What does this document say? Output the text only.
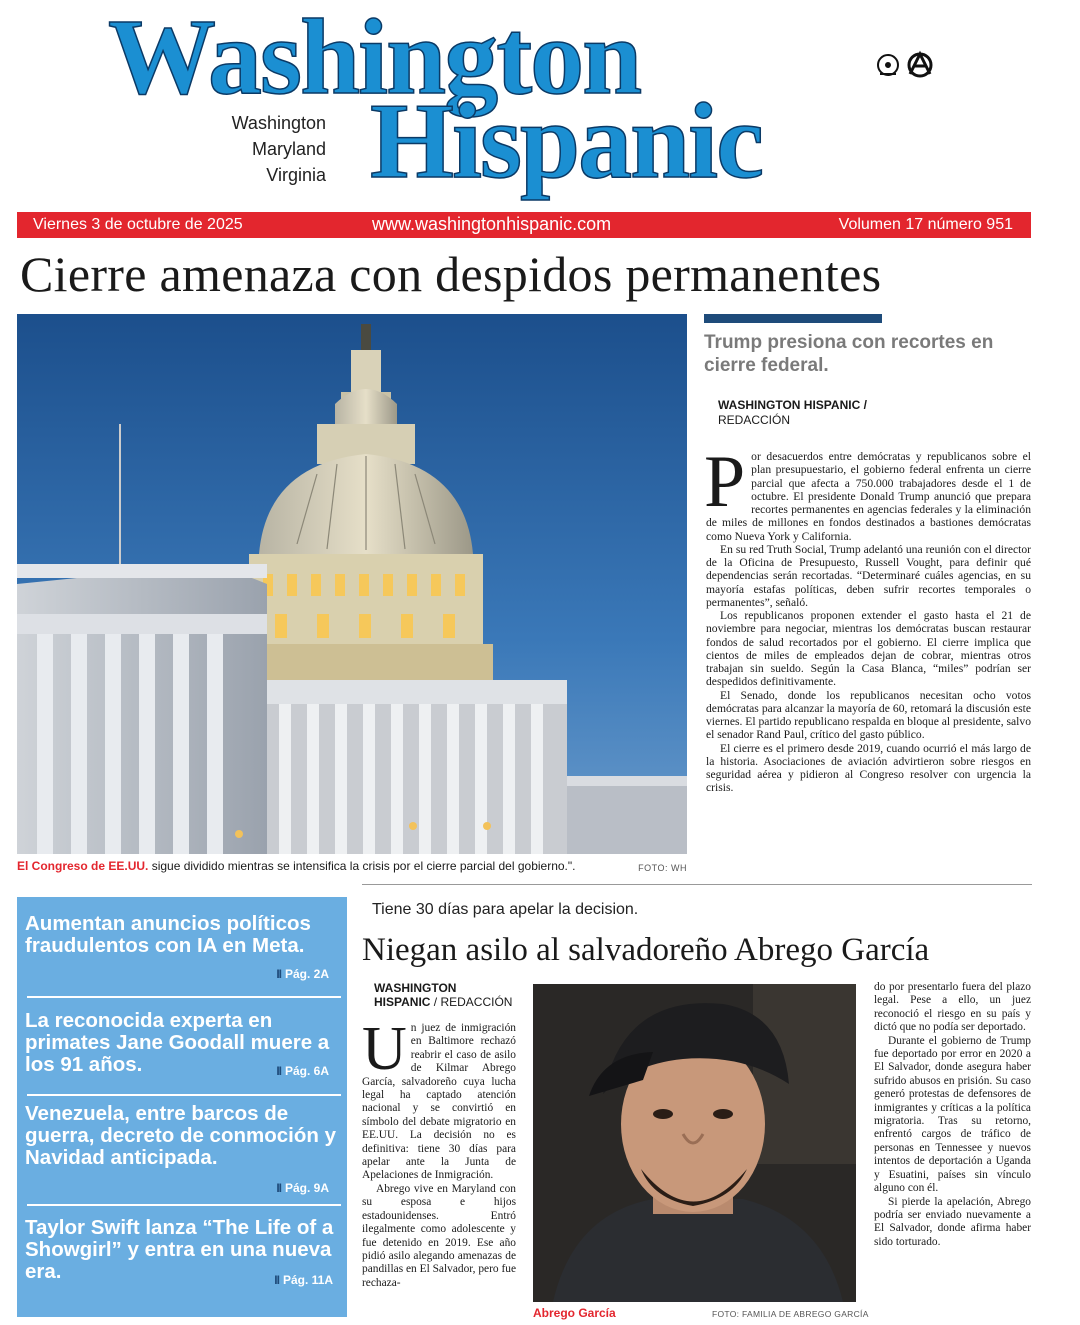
Washington
Hispanic
Washington
Maryland
Virginia
Viernes 3 de octubre de 2025	www.washingtonhispanic.com	Volumen 17 número 951
Cierre amenaza con despidos permanentes
El Congreso de EE.UU. sigue dividido mientras se intensifica la crisis por el cierre parcial del gobierno.".	FOTO: WH
Trump presiona con recortes en cierre federal.
WASHINGTON HISPANIC /
REDACCIÓN

Por desacuerdos entre demócratas y republicanos sobre el plan presupuestario, el gobierno federal enfrenta un cierre parcial que afecta a 750.000 trabajadores desde el 1 de octubre. El presidente Donald Trump anunció que prepara recortes permanentes en agencias federales y la eliminación de miles de millones en fondos destinados a bastiones demócratas como Nueva York y California.

En su red Truth Social, Trump adelantó una reunión con el director de la Oficina de Presupuesto, Russell Vought, para definir qué dependencias serán recortadas. “Determinaré cuáles agencias, en su mayoría estafas políticas, deben sufrir recortes temporales o permanentes”, señaló.

Los republicanos proponen extender el gasto hasta el 21 de noviembre para negociar, mientras los demócratas buscan restaurar fondos de salud recortados por el gobierno. El cierre implica que cientos de miles de empleados dejan de cobrar, mientras otros trabajan sin sueldo. Según la Casa Blanca, “miles” podrían ser despedidos definitivamente.

El Senado, donde los republicanos necesitan ocho votos demócratas para alcanzar la mayoría de 60, retomará la discusión este viernes. El partido republicano respalda en bloque al presidente, salvo el senador Rand Paul, crítico del gasto público.

El cierre es el primero desde 2019, cuando ocurrió el más largo de la historia. Asociaciones de aviación advirtieron sobre riesgos en seguridad aérea y pidieron al Congreso resolver con urgencia la crisis.

Aumentan anuncios políticos fraudulentos con IA en Meta.
II Pág. 2A
La reconocida experta en primates Jane Goodall muere a los 91 años.	II Pág. 6A
Venezuela, entre barcos de guerra, decreto de conmoción y Navidad anticipada.
II Pág. 9A
Taylor Swift lanza “The Life of a Showgirl” y entra en una nueva era.	II Pág. 11A
Tiene 30 días para apelar la decision.
Niegan asilo al salvadoreño Abrego García
WASHINGTON
HISPANIC / REDACCIÓN

Un juez de inmigración en Baltimore rechazó reabrir el caso de asilo de Kilmar Abrego García, salvadoreño cuya lucha legal ha captado atención nacional y se convirtió en símbolo del debate migratorio en EE.UU. La decisión no es definitiva: tiene 30 días para apelar ante la Junta de Apelaciones de Inmigración.

Abrego vive en Maryland con su esposa e hijos estadounidenses. Entró ilegalmente como adolescente y fue detenido en 2019. Ese año pidió asilo alegando amenazas de pandillas en El Salvador, pero fue rechaza-

Abrego García	FOTO: FAMILIA DE ABREGO GARCÍA

do por presentarlo fuera del plazo legal. Pese a ello, un juez reconoció el riesgo en su país y dictó que no podía ser deportado.

Durante el gobierno de Trump fue deportado por error en 2020 a El Salvador, donde asegura haber sufrido abusos en prisión. Su caso generó protestas de defensores de inmigrantes y críticas a la política migratoria. Tras su retorno, enfrentó cargos de tráfico de personas en Tennessee y nuevos intentos de deportación a Uganda y Esuatini, países sin vínculo alguno con él.

Si pierde la apelación, Abrego podría ser enviado nuevamente a El Salvador, donde afirma haber sido torturado.
